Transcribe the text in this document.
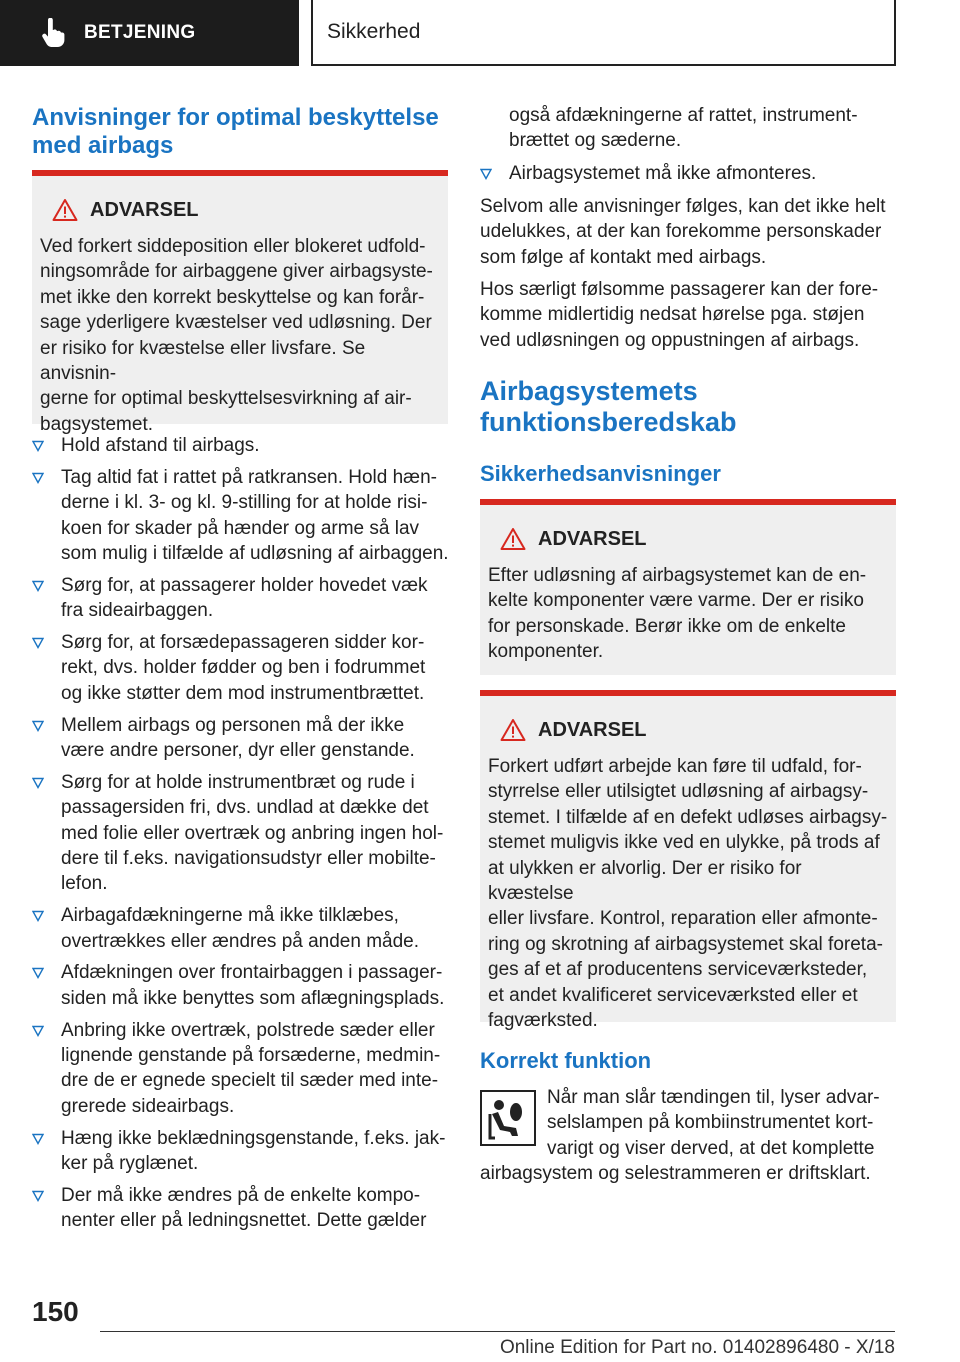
BETJENING	Sikkerhed
Anvisninger for optimal beskyttelse
med airbags
ADVARSEL
Ved forkert siddeposition eller blokeret udfold‐
ningsområde for airbaggene giver airbagsyste‐
met ikke den korrekt beskyttelse og kan forår‐
sage yderligere kvæstelser ved udløsning. Der
er risiko for kvæstelse eller livsfare. Se anvisnin‐
gerne for optimal beskyttelsesvirkning af air‐
bagsystemet.
Hold afstand til airbags.
Tag altid fat i rattet på ratkransen. Hold hæn‐
derne i kl. 3- og kl. 9-stilling for at holde risi‐
koen for skader på hænder og arme så lav
som mulig i tilfælde af udløsning af airbaggen.
Sørg for, at passagerer holder hovedet væk
fra sideairbaggen.
Sørg for, at forsædepassageren sidder kor‐
rekt, dvs. holder fødder og ben i fodrummet
og ikke støtter dem mod instrumentbrættet.
Mellem airbags og personen må der ikke
være andre personer, dyr eller genstande.
Sørg for at holde instrumentbræt og rude i
passagersiden fri, dvs. undlad at dække det
med folie eller overtræk og anbring ingen hol‐
dere til f.eks. navigationsudstyr eller mobilte‐
lefon.
Airbagafdækningerne må ikke tilklæbes,
overtrækkes eller ændres på anden måde.
Afdækningen over frontairbaggen i passager‐
siden må ikke benyttes som aflægningsplads.
Anbring ikke overtræk, polstrede sæder eller
lignende genstande på forsæderne, medmin‐
dre de er egnede specielt til sæder med inte‐
grerede sideairbags.
Hæng ikke beklædningsgenstande, f.eks. jak‐
ker på ryglænet.
Der må ikke ændres på de enkelte kompo‐
nenter eller på ledningsnettet. Dette gælder
også afdækningerne af rattet, instrument‐
brættet og sæderne.
Airbagsystemet må ikke afmonteres.
Selvom alle anvisninger følges, kan det ikke helt
udelukkes, at der kan forekomme personskader
som følge af kontakt med airbags.
Hos særligt følsomme passagerer kan der fore‐
komme midlertidig nedsat hørelse pga. støjen
ved udløsningen og oppustningen af airbags.
Airbagsystemets
funktionsberedskab
Sikkerhedsanvisninger
ADVARSEL
Efter udløsning af airbagsystemet kan de en‐
kelte komponenter være varme. Der er risiko
for personskade. Berør ikke om de enkelte
komponenter.
ADVARSEL
Forkert udført arbejde kan føre til udfald, for‐
styrrelse eller utilsigtet udløsning af airbagsy‐
stemet. I tilfælde af en defekt udløses airbagsy‐
stemet muligvis ikke ved en ulykke, på trods af
at ulykken er alvorlig. Der er risiko for kvæstelse
eller livsfare. Kontrol, reparation eller afmonte‐
ring og skrotning af airbagsystemet skal foreta‐
ges af et af producentens serviceværksteder,
et andet kvalificeret serviceværksted eller et
fagværksted.
Korrekt funktion
Når man slår tændingen til, lyser advar‐
selslampen på kombiinstrumentet kort‐
varigt og viser derved, at det komplette
airbagsystem og selestrammeren er driftsklart.
150
Online Edition for Part no. 01402896480 - X/18
